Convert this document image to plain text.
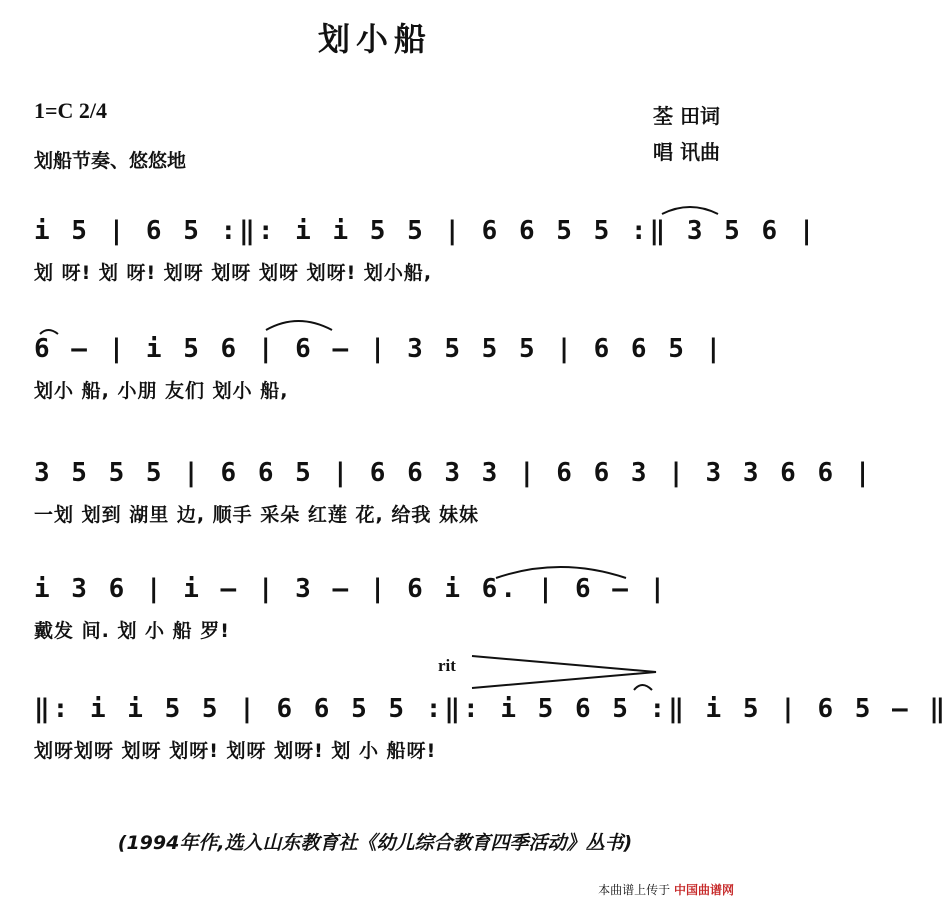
划小船
1=C 2/4
划船节奏、悠悠地
荃 田词
唱 讯曲
i 5 | 6 5 :‖: i i 5 5 | 6 6 5 5 :‖ 3 5 6 |
划 呀! 划 呀! 划呀 划呀 划呀 划呀! 划小船,
6 — | i 5 6 | 6 — | 3 5 5 5 | 6 6 5 |
划小 船, 小朋 友们 划小 船,
3 5 5 5 | 6 6 5 | 6 6 3 3 | 6 6 3 | 3 3 6 6 |
一划 划到 湖里 边, 顺手 采朵 红莲 花, 给我 妹妹
i 3 6 | i — | 3 — | 6 i 6. | 6 — |
戴发 间. 划 小 船 罗!
rit
‖: i i 5 5 | 6 6 5 5 :‖: i 5 6 5 :‖ i 5 | 6 5 — ‖
划呀划呀 划呀 划呀! 划呀 划呀! 划 小 船呀!
(1994年作,选入山东教育社《幼儿综合教育四季活动》丛书)
本曲谱上传于 中国曲谱网
